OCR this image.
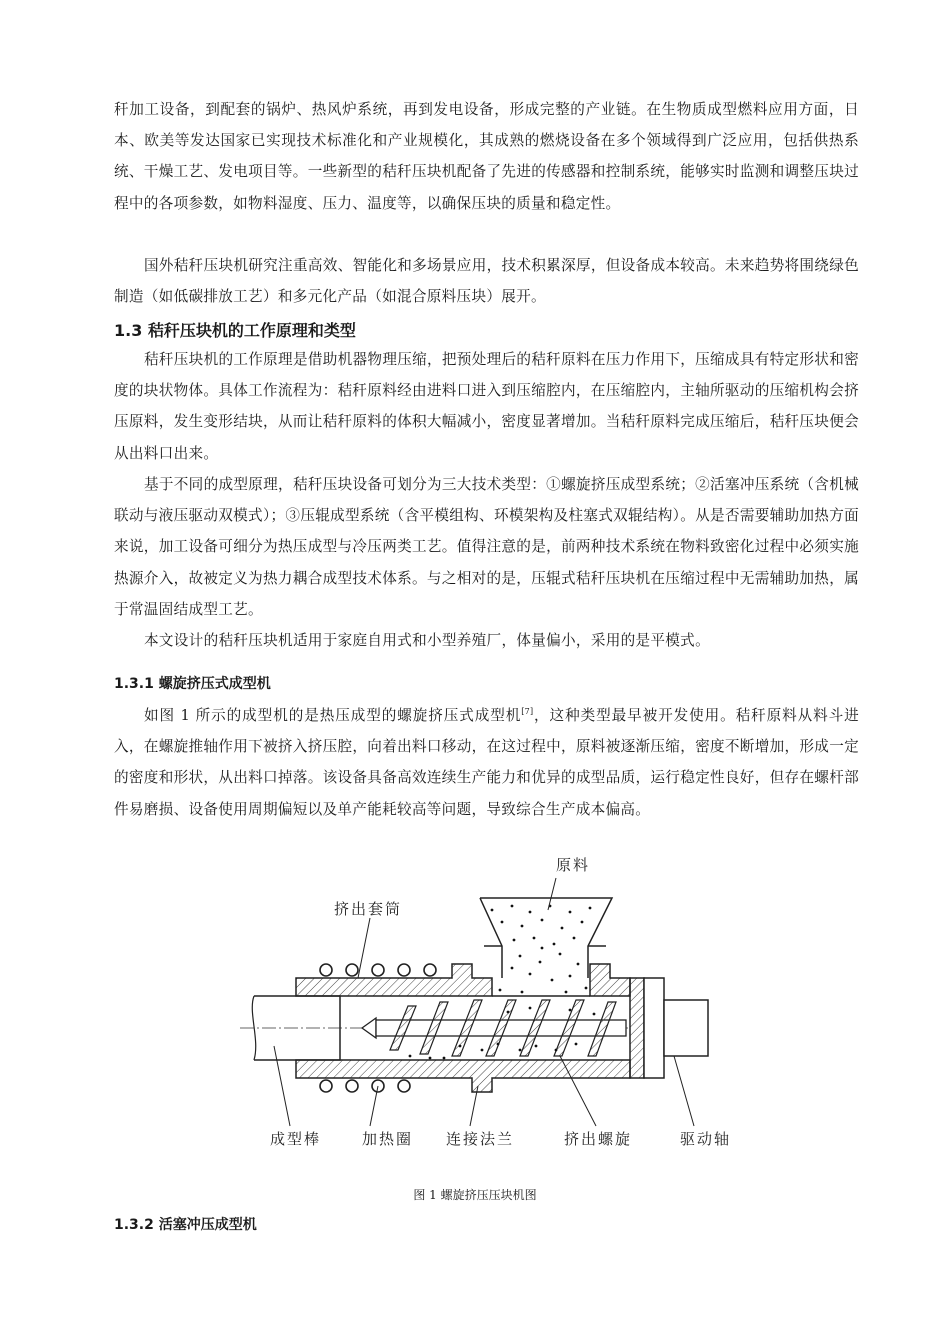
秆加工设备，到配套的锅炉、热风炉系统，再到发电设备，形成完整的产业链。在生物质成型燃料应用方面，日本、欧美等发达国家已实现技术标准化和产业规模化，其成熟的燃烧设备在多个领域得到广泛应用，包括供热系统、干燥工艺、发电项目等。一些新型的秸秆压块机配备了先进的传感器和控制系统，能够实时监测和调整压块过程中的各项参数，如物料湿度、压力、温度等，以确保压块的质量和稳定性。

国外秸秆压块机研究注重高效、智能化和多场景应用，技术积累深厚，但设备成本较高。未来趋势将围绕绿色制造（如低碳排放工艺）和多元化产品（如混合原料压块）展开。

1.3 秸秆压块机的工作原理和类型

秸秆压块机的工作原理是借助机器物理压缩，把预处理后的秸秆原料在压力作用下，压缩成具有特定形状和密度的块状物体。具体工作流程为：秸秆原料经由进料口进入到压缩腔内，在压缩腔内，主轴所驱动的压缩机构会挤压原料，发生变形结块，从而让秸秆原料的体积大幅减小，密度显著增加。当秸秆原料完成压缩后，秸秆压块便会从出料口出来。

基于不同的成型原理，秸秆压块设备可划分为三大技术类型：①螺旋挤压成型系统；②活塞冲压系统（含机械联动与液压驱动双模式）；③压辊成型系统（含平模组构、环模架构及柱塞式双辊结构）。从是否需要辅助加热方面来说，加工设备可细分为热压成型与冷压两类工艺。值得注意的是，前两种技术系统在物料致密化过程中必须实施热源介入，故被定义为热力耦合成型技术体系。与之相对的是，压辊式秸秆压块机在压缩过程中无需辅助加热，属于常温固结成型工艺。

本文设计的秸秆压块机适用于家庭自用式和小型养殖厂，体量偏小，采用的是平模式。

1.3.1 螺旋挤压式成型机

如图 1 所示的成型机的是热压成型的螺旋挤压式成型机[7]，这种类型最早被开发使用。秸秆原料从料斗进入，在螺旋推轴作用下被挤入挤压腔，向着出料口移动，在这过程中，原料被逐渐压缩，密度不断增加，形成一定的密度和形状，从出料口掉落。该设备具备高效连续生产能力和优异的成型品质，运行稳定性良好，但存在螺杆部件易磨损、设备使用周期偏短以及单产能耗较高等问题，导致综合生产成本偏高。

原料
挤出套筒
成型棒	加热圈 连接法兰	挤出螺旋	驱动轴

图 1 螺旋挤压压块机图

1.3.2 活塞冲压成型机
